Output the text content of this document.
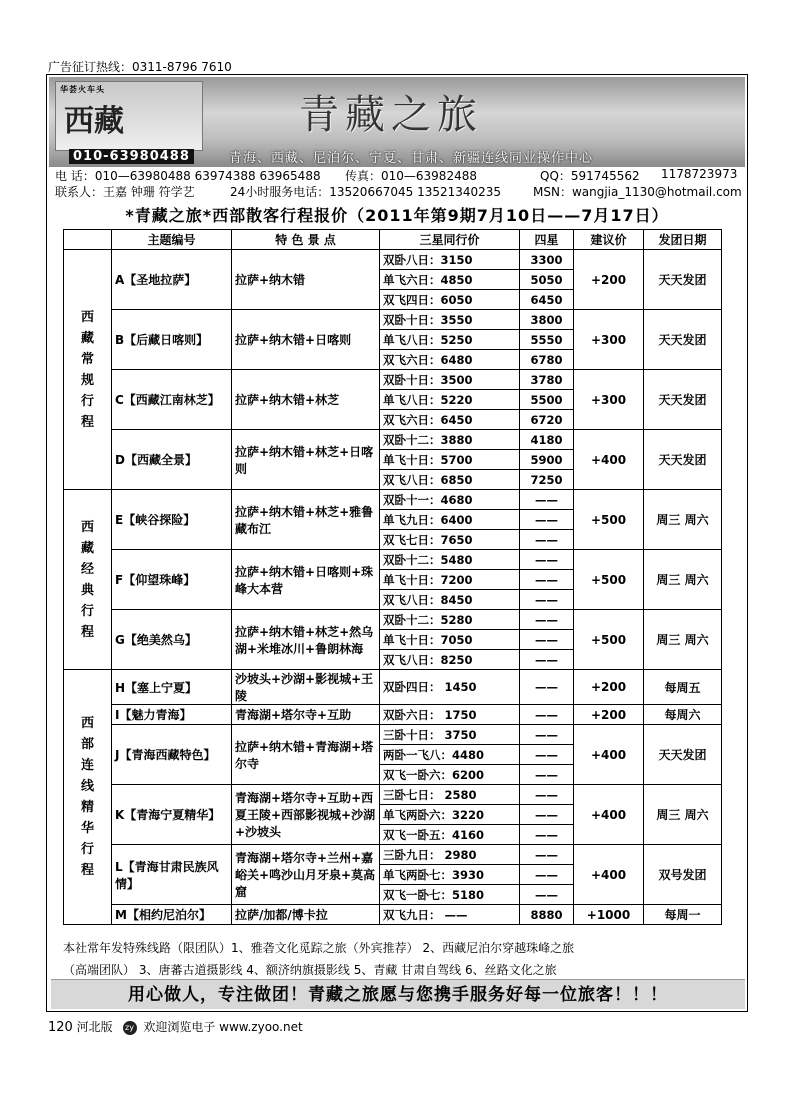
广告征订热线：0311-8796 7610
华荟火车头
西藏
010-63980488
青藏之旅
青海、西藏、尼泊尔、宁夏、甘肃、新疆连线同业操作中心
电 话：010—63980488 63974388 63965488 传真：010—63982488	QQ：591745562 1178723973
联系人：王嘉 钟珊 符学艺	24小时服务电话：13520667045 13521340235	MSN：wangjia_1130@hotmail.com
*青藏之旅*西部散客行程报价（2011年第9期7月10日——7月17日）
	主题编号	特 色 景 点	三星同行价	四星	建议价	发团日期

西藏常规行程	A【圣地拉萨】	拉萨+纳木错	双卧八日：3150	3300	+200	天天发团
			单飞六日：4850	5050		
			双飞四日：6050	6450		
	B【后藏日喀则】	拉萨+纳木错+日喀则	双卧十日：3550	3800	+300	天天发团
			单飞八日：5250	5550		
			双飞六日：6480	6780		
	C【西藏江南林芝】	拉萨+纳木错+林芝	双卧十日：3500	3780	+300	天天发团
			单飞八日：5220	5500		
			双飞六日：6450	6720		
	D【西藏全景】	拉萨+纳木错+林芝+日喀则	双卧十二：3880	4180	+400	天天发团
			单飞十日：5700	5900		
			双飞八日：6850	7250		

西藏经典行程	E【峡谷探险】	拉萨+纳木错+林芝+雅鲁藏布江	双卧十一：4680	——	+500	周三 周六
			单飞九日：6400	——		
			双飞七日：7650	——		
	F【仰望珠峰】	拉萨+纳木错+日喀则+珠峰大本营	双卧十二：5480	——	+500	周三 周六
			单飞十日：7200	——		
			双飞八日：8450	——		
	G【绝美然乌】	拉萨+纳木错+林芝+然乌湖+米堆冰川+鲁朗林海	双卧十二：5280	——	+500	周三 周六
			单飞十日：7050	——		
			双飞八日：8250	——		

西部连线精华行程	H【塞上宁夏】	沙坡头+沙湖+影视城+王陵	双卧四日： 1450	——	+200	每周五
	I【魅力青海】	青海湖+塔尔寺+互助	双卧六日： 1750	——	+200	每周六
	J【青海西藏特色】	拉萨+纳木错+青海湖+塔尔寺	三卧十日： 3750	——	+400	天天发团
			两卧一飞八：4480	——		
			双飞一卧六：6200	——		
	K【青海宁夏精华】	青海湖+塔尔寺+互助+西夏王陵+西部影视城+沙湖+沙坡头	三卧七日： 2580	——	+400	周三 周六
			单飞两卧六：3220	——		
			双飞一卧五：4160	——		
	L【青海甘肃民族风情】	青海湖+塔尔寺+兰州+嘉峪关+鸣沙山月牙泉+莫高窟	三卧九日： 2980	——	+400	双号发团
			单飞两卧七：3930	——		
			双飞一卧七：5180	——		
	M【相约尼泊尔】	拉萨/加都/博卡拉	双飞九日： ——	8880	+1000	每周一
本社常年发特殊线路（限团队）1、雅砻文化觅踪之旅（外宾推荐） 2、西藏尼泊尔穿越珠峰之旅
（高端团队） 3、唐蕃古道摄影线 4、额济纳旗摄影线 5、青藏 甘肃自驾线 6、丝路文化之旅
用心做人，专注做团！青藏之旅愿与您携手服务好每一位旅客！！！
120 河北版 zy 欢迎浏览电子 www.zyoo.net
